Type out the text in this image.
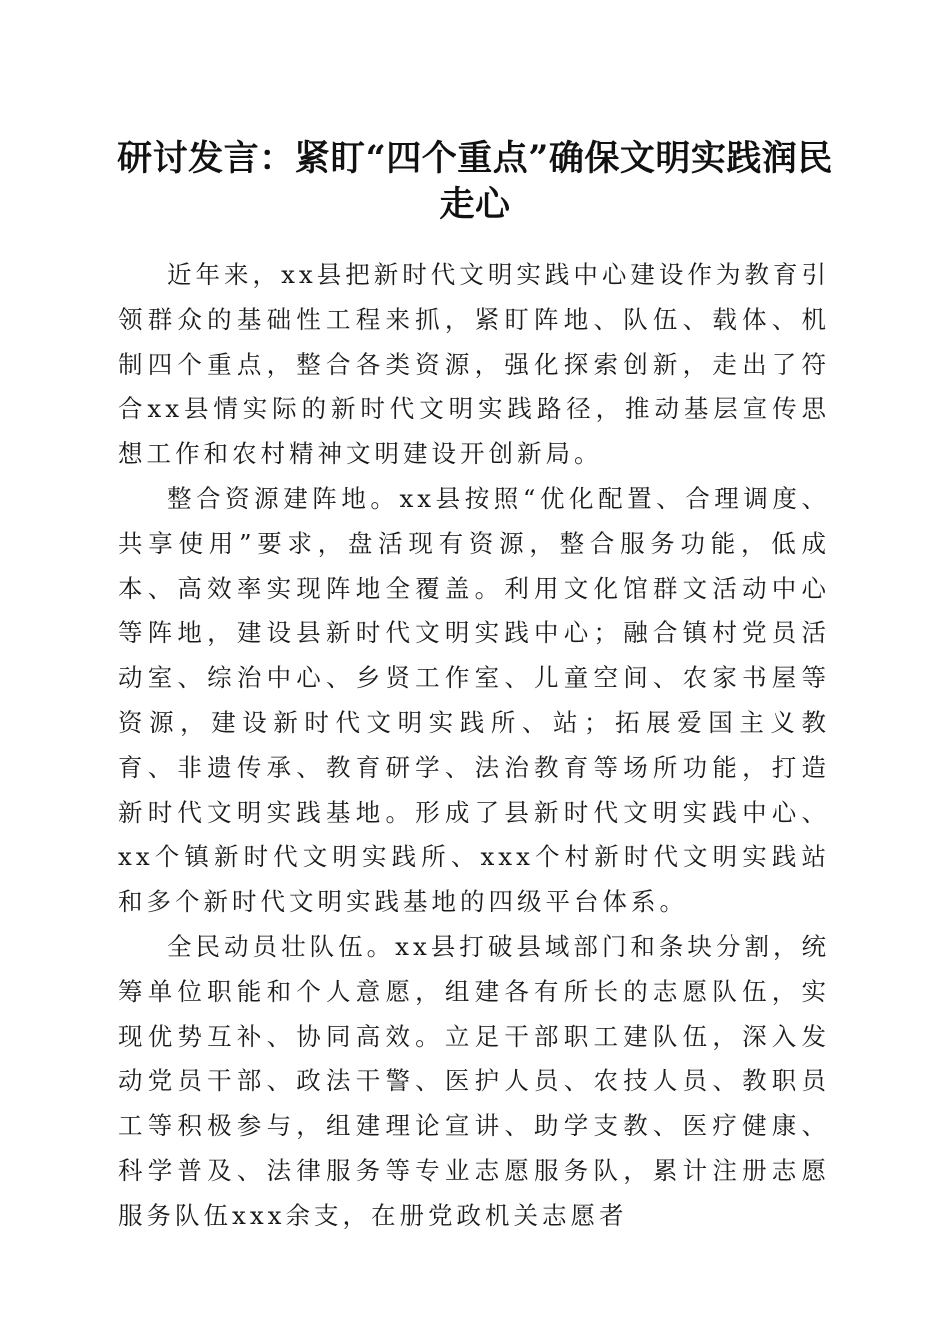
研讨发言：紧盯“四个重点”确保文明实践润民走心

近年来，xx县把新时代文明实践中心建设作为教育引领群众的基础性工程来抓，紧盯阵地、队伍、载体、机制四个重点，整合各类资源，强化探索创新，走出了符合xx县情实际的新时代文明实践路径，推动基层宣传思想工作和农村精神文明建设开创新局。

整合资源建阵地。xx县按照“优化配置、合理调度、共享使用”要求，盘活现有资源，整合服务功能，低成本、高效率实现阵地全覆盖。利用文化馆群文活动中心等阵地，建设县新时代文明实践中心；融合镇村党员活动室、综治中心、乡贤工作室、儿童空间、农家书屋等资源，建设新时代文明实践所、站；拓展爱国主义教育、非遗传承、教育研学、法治教育等场所功能，打造新时代文明实践基地。形成了县新时代文明实践中心、xx个镇新时代文明实践所、xxx个村新时代文明实践站和多个新时代文明实践基地的四级平台体系。

全民动员壮队伍。xx县打破县域部门和条块分割，统筹单位职能和个人意愿，组建各有所长的志愿队伍，实现优势互补、协同高效。立足干部职工建队伍，深入发动党员干部、政法干警、医护人员、农技人员、教职员工等积极参与，组建理论宣讲、助学支教、医疗健康、科学普及、法律服务等专业志愿服务队，累计注册志愿服务队伍xxx余支，在册党政机关志愿者
